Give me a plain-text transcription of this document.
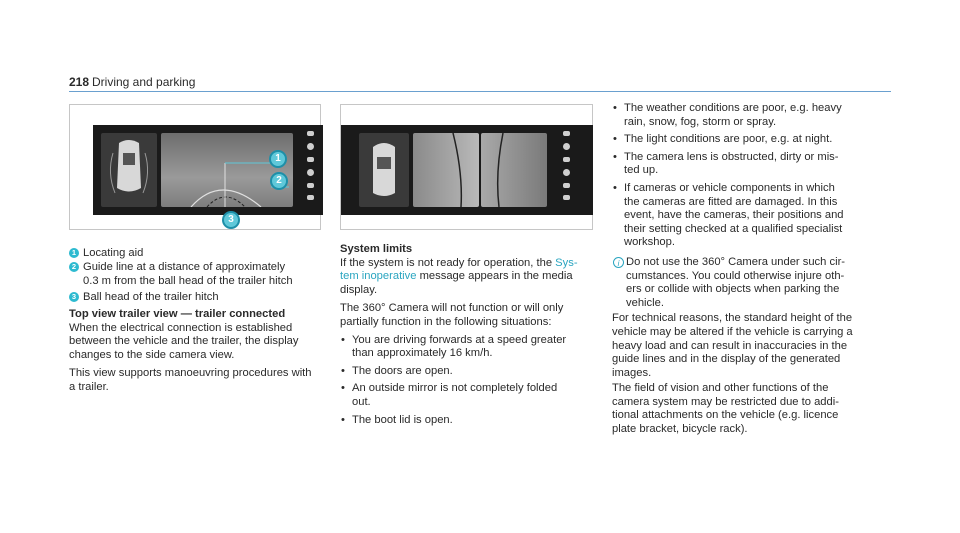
218 Driving and parking
1
2
3
1 Locating aid
2 Guide line at a distance of approximately
0.3 m from the ball head of the trailer hitch
3 Ball head of the trailer hitch
Top view trailer view — trailer connected
When the electrical connection is established
between the vehicle and the trailer, the display
changes to the side camera view.
This view supports manoeuvring procedures with
a trailer.
System limits
If the system is not ready for operation, the Sys-
tem inoperative message appears in the media
display.
The 360° Camera will not function or will only
partially function in the following situations:
• You are driving forwards at a speed greater
than approximately 16 km/h.
• The doors are open.
• An outside mirror is not completely folded
out.
• The boot lid is open.
• The weather conditions are poor, e.g. heavy
rain, snow, fog, storm or spray.
• The light conditions are poor, e.g. at night.
• The camera lens is obstructed, dirty or mis-
ted up.
• If cameras or vehicle components in which
the cameras are fitted are damaged. In this
event, have the cameras, their positions and
their setting checked at a qualified specialist
workshop.
i Do not use the 360° Camera under such cir-
cumstances. You could otherwise injure oth-
ers or collide with objects when parking the
vehicle.
For technical reasons, the standard height of the
vehicle may be altered if the vehicle is carrying a
heavy load and can result in inaccuracies in the
guide lines and in the display of the generated
images.
The field of vision and other functions of the
camera system may be restricted due to addi-
tional attachments on the vehicle (e.g. licence
plate bracket, bicycle rack).
